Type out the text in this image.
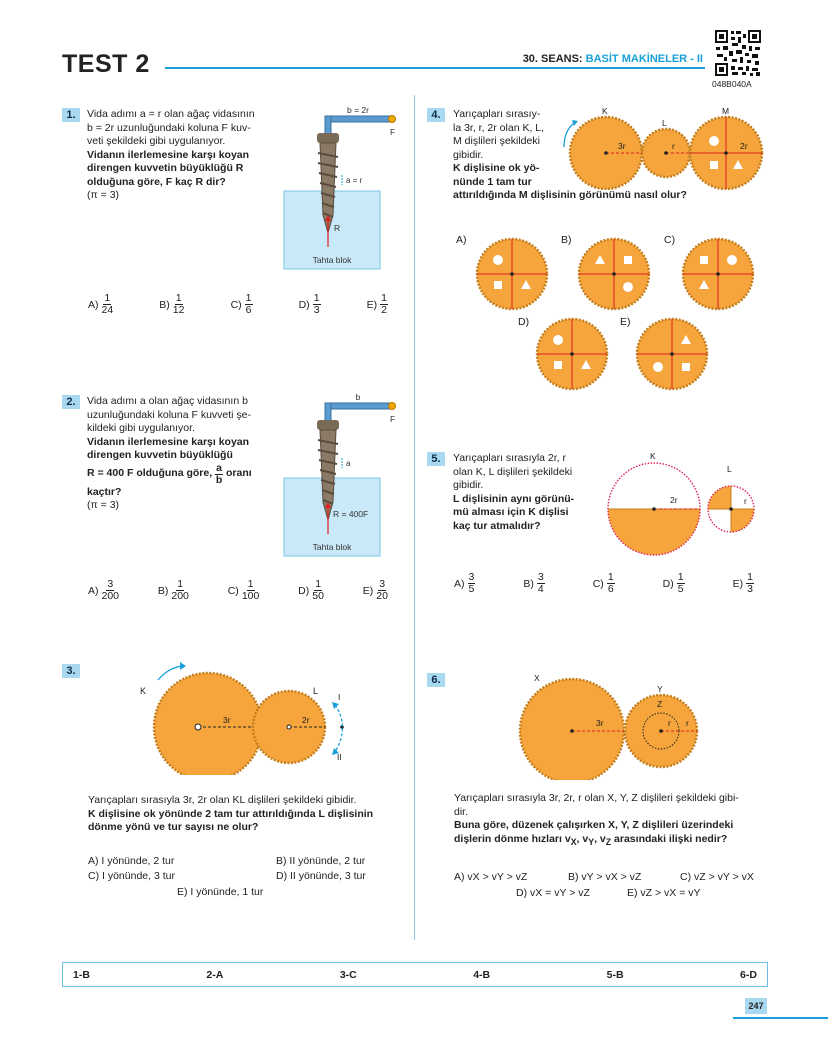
TEST 2	30. SEANS: BASİT MAKİNELER - II
048B040A
1.	Vida adımı a = r olan ağaç vidasının
b = 2r uzunluğundaki koluna F kuv-
veti şekildeki gibi uygulanıyor.
Vidanın ilerlemesine karşı koyan
direngen kuvvetin büyüklüğü R
olduğuna göre, F kaç R dir?
(π = 3)
Tahta blok
b = 2r
F
a = r
R
$A) \frac{1}{24}$	$B) \frac{1}{12}$	$C) \frac{1}{6}$	$D) \frac{1}{3}$	$E) \frac{1}{2}$
2.	Vida adımı a olan ağaç vidasının b
uzunluğundaki koluna F kuvveti şe-
kildeki gibi uygulanıyor.
Vidanın ilerlemesine karşı koyan
direngen kuvvetin büyüklüğü
R = 400 F olduğuna göre, $\frac{a}{b}$ oranı
kaçtır?
(π = 3)
Tahta blok
b
F
a
R = 400F
$A) \frac{3}{200}$	$B) \frac{1}{200}$	$C) \frac{1}{100}$	$D) \frac{1}{50}$	$E) \frac{3}{20}$
3.
3r	2r
K	L
I
II
Yarıçapları sırasıyla 3r, 2r olan KL dişlileri şekildeki gibidir.
K dişlisine ok yönünde 2 tam tur attırıldığında L dişlisinin
dönme yönü ve tur sayısı ne olur?
A) I yönünde, 2 tur	B) II yönünde, 2 tur
C) I yönünde, 3 tur	D) II yönünde, 3 tur
E) I yönünde, 1 tur
4.	Yarıçapları sırasıy-
la 3r, r, 2r olan K, L,
M dişlileri şekildeki
gibidir.
K dişlisine ok yö-
nünde 1 tam tur
attırıldığında M dişlisinin görünümü nasıl olur?
3r	r	2r
K
L
M
A)	B)	C)
D)	E)
5.	Yarıçapları sırasıyla 2r, r
olan K, L dişlileri şekildeki
gibidir.
L dişlisinin aynı görünü-
mü alması için K dişlisi
kaç tur atmalıdır?
2r
K
r
L
$A) \frac{3}{5}$	$B) \frac{3}{4}$	$C) \frac{1}{6}$	$D) \frac{1}{5}$	$E) \frac{1}{3}$
6.
3r	r r
X
Y
Z
Yarıçapları sırasıyla 3r, 2r, r olan X, Y, Z dişlileri şekildeki gibi-
dir.
Buna göre, düzenek çalışırken X, Y, Z dişlileri üzerindeki
dişlerin dönme hızları $v_X$, $v_Y$, $v_Z$ arasındaki ilişki nedir?
A) vX > vY > vZ	B) vY > vX > vZ	C) vZ > vY > vX
D) vX = vY > vZ	E) vZ > vX = vY
1-B	2-A	3-C	4-B	5-B	6-D
247
